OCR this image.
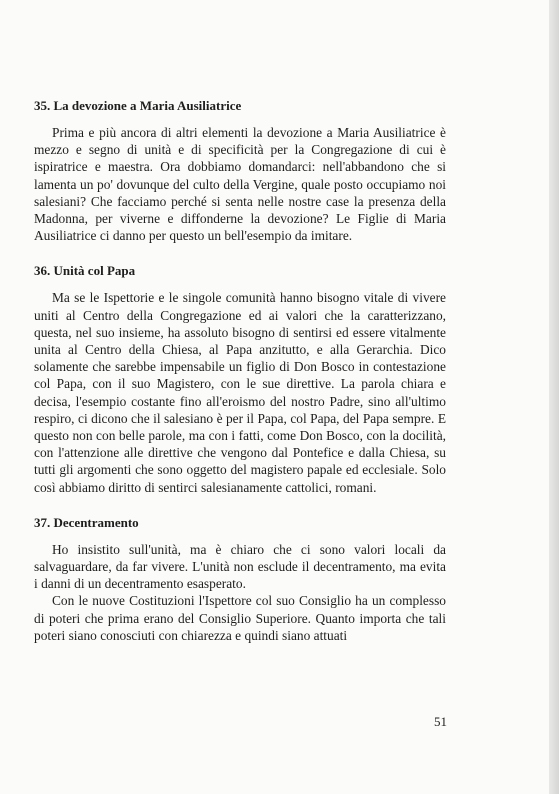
35. La devozione a Maria Ausiliatrice

Prima e più ancora di altri elementi la devozione a Maria Ausiliatrice è mezzo e segno di unità e di specificità per la Congregazione di cui è ispiratrice e maestra. Ora dobbiamo domandarci: nell'abbandono che si lamenta un po' dovunque del culto della Vergine, quale posto occupiamo noi salesiani? Che facciamo perché si senta nelle nostre case la presenza della Madonna, per viverne e diffonderne la devozione? Le Figlie di Maria Ausiliatrice ci danno per questo un bell'esempio da imitare.

36. Unità col Papa

Ma se le Ispettorie e le singole comunità hanno bisogno vitale di vivere uniti al Centro della Congregazione ed ai valori che la caratterizzano, questa, nel suo insieme, ha assoluto bisogno di sentirsi ed essere vitalmente unita al Centro della Chiesa, al Papa anzitutto, e alla Gerarchia. Dico solamente che sarebbe impensabile un figlio di Don Bosco in contestazione col Papa, con il suo Magistero, con le sue direttive. La parola chiara e decisa, l'esempio costante fino all'eroismo del nostro Padre, sino all'ultimo respiro, ci dicono che il salesiano è per il Papa, col Papa, del Papa sempre. E questo non con belle parole, ma con i fatti, come Don Bosco, con la docilità, con l'attenzione alle direttive che vengono dal Pontefice e dalla Chiesa, su tutti gli argomenti che sono oggetto del magistero papale ed ecclesiale. Solo così abbiamo diritto di sentirci salesianamente cattolici, romani.

37. Decentramento

Ho insistito sull'unità, ma è chiaro che ci sono valori locali da salvaguardare, da far vivere. L'unità non esclude il decentramento, ma evita i danni di un decentramento esasperato.

Con le nuove Costituzioni l'Ispettore col suo Consiglio ha un complesso di poteri che prima erano del Consiglio Superiore. Quanto importa che tali poteri siano conosciuti con chiarezza e quindi siano attuati

51
